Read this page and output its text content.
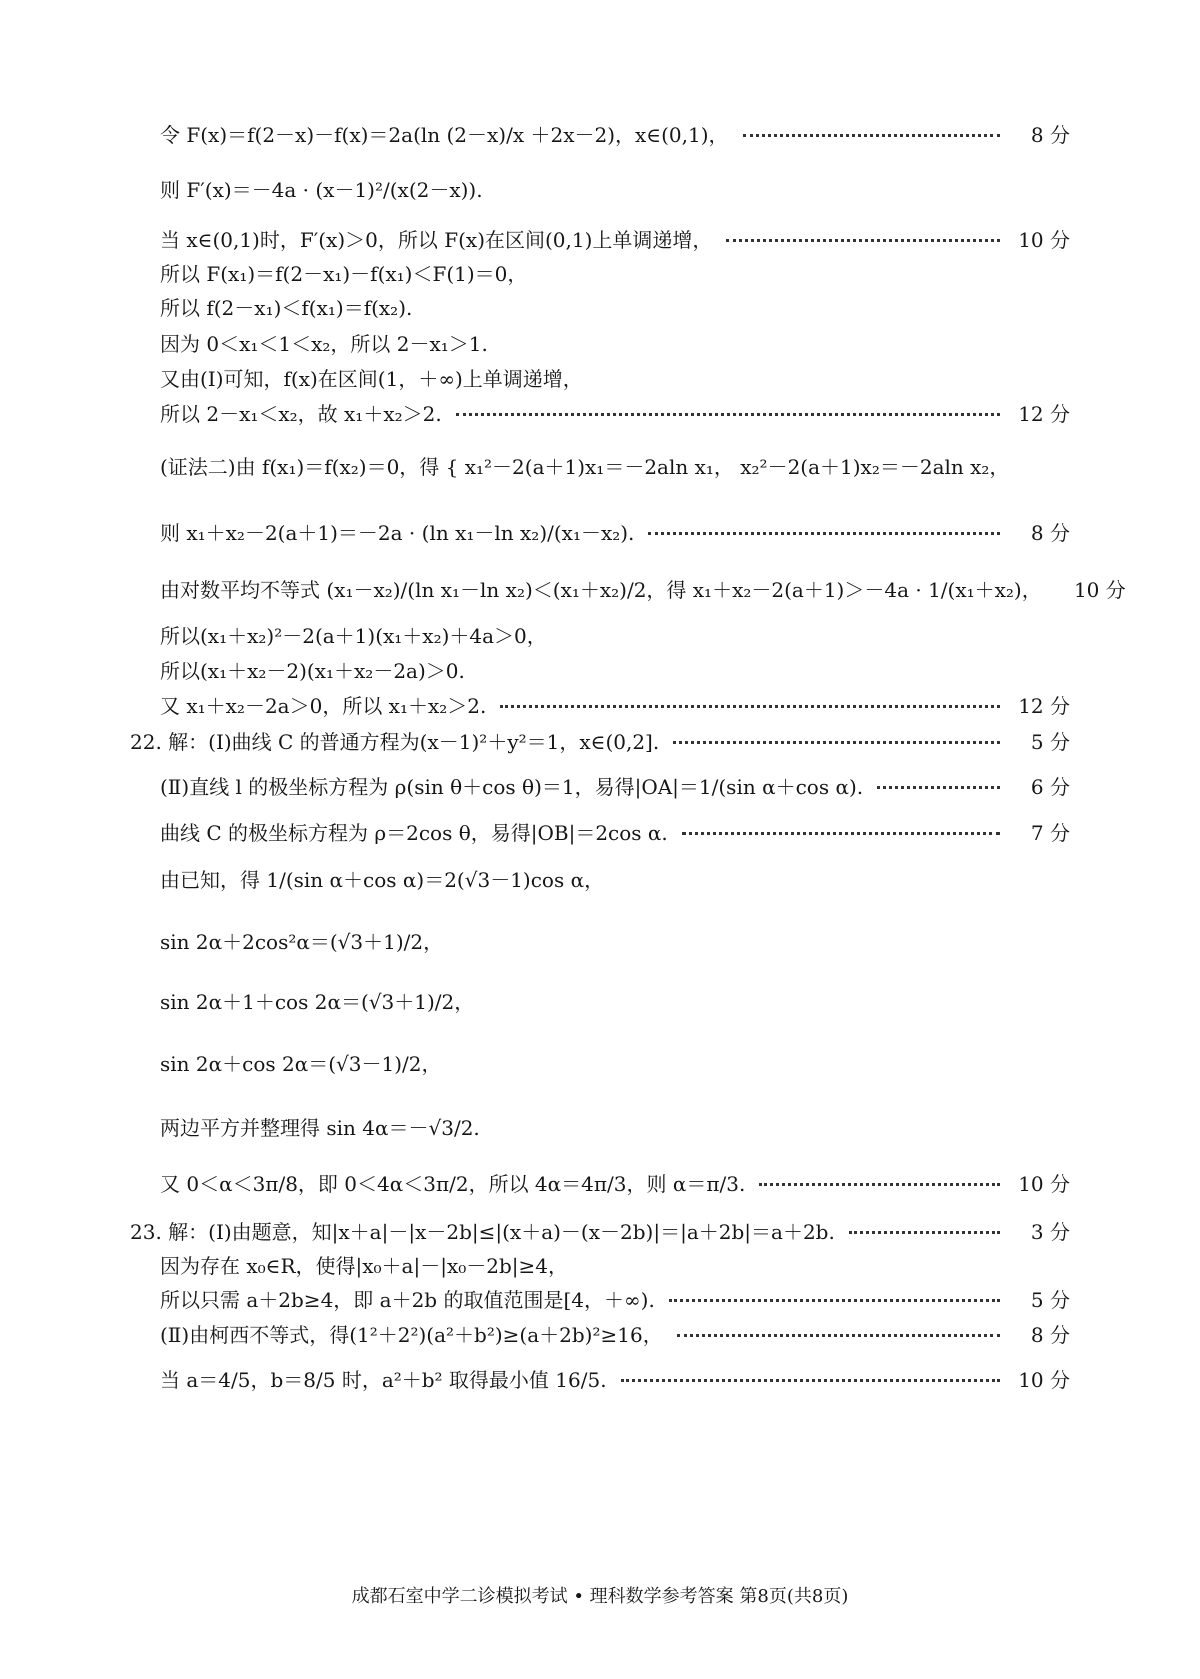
令 F(x)＝f(2－x)－f(x)＝2a(ln (2－x)/x ＋2x－2)，x∈(0,1)，	8 分
则 F′(x)＝－4a · (x－1)²/(x(2－x)).
当 x∈(0,1)时，F′(x)＞0，所以 F(x)在区间(0,1)上单调递增，	10 分
所以 F(x₁)＝f(2－x₁)－f(x₁)＜F(1)＝0，
所以 f(2－x₁)＜f(x₁)＝f(x₂).
因为 0＜x₁＜1＜x₂，所以 2－x₁＞1.
又由(Ⅰ)可知，f(x)在区间(1，＋∞)上单调递增，
所以 2－x₁＜x₂，故 x₁＋x₂＞2.	12 分
(证法二)由 f(x₁)＝f(x₂)＝0，得 { x₁²－2(a＋1)x₁＝－2aln x₁， x₂²－2(a＋1)x₂＝－2aln x₂，
则 x₁＋x₂－2(a＋1)＝－2a · (ln x₁－ln x₂)/(x₁－x₂).	8 分
由对数平均不等式 (x₁－x₂)/(ln x₁－ln x₂)＜(x₁＋x₂)/2，得 x₁＋x₂－2(a＋1)＞－4a · 1/(x₁＋x₂)， 10 分
所以(x₁＋x₂)²－2(a＋1)(x₁＋x₂)＋4a＞0，
所以(x₁＋x₂－2)(x₁＋x₂－2a)＞0.
又 x₁＋x₂－2a＞0，所以 x₁＋x₂＞2.	12 分
22. 解：(Ⅰ)曲线 C 的普通方程为(x－1)²＋y²＝1，x∈(0,2].	5 分
(Ⅱ)直线 l 的极坐标方程为 ρ(sin θ＋cos θ)＝1，易得|OA|＝1/(sin α＋cos α).	6 分
曲线 C 的极坐标方程为 ρ＝2cos θ，易得|OB|＝2cos α.	7 分
由已知，得 1/(sin α＋cos α)＝2(√3－1)cos α，
sin 2α＋2cos²α＝(√3＋1)/2，
sin 2α＋1＋cos 2α＝(√3＋1)/2，
sin 2α＋cos 2α＝(√3－1)/2，
两边平方并整理得 sin 4α＝－√3/2.
又 0＜α＜3π/8，即 0＜4α＜3π/2，所以 4α＝4π/3，则 α＝π/3.	10 分
23. 解：(Ⅰ)由题意，知|x＋a|－|x－2b|≤|(x＋a)－(x－2b)|＝|a＋2b|＝a＋2b.	3 分
因为存在 x₀∈R，使得|x₀＋a|－|x₀－2b|≥4，
所以只需 a＋2b≥4，即 a＋2b 的取值范围是[4，＋∞).	5 分
(Ⅱ)由柯西不等式，得(1²＋2²)(a²＋b²)≥(a＋2b)²≥16，	8 分
当 a＝4/5，b＝8/5 时，a²＋b² 取得最小值 16/5.	10 分
成都石室中学二诊模拟考试 • 理科数学参考答案 第8页(共8页)
